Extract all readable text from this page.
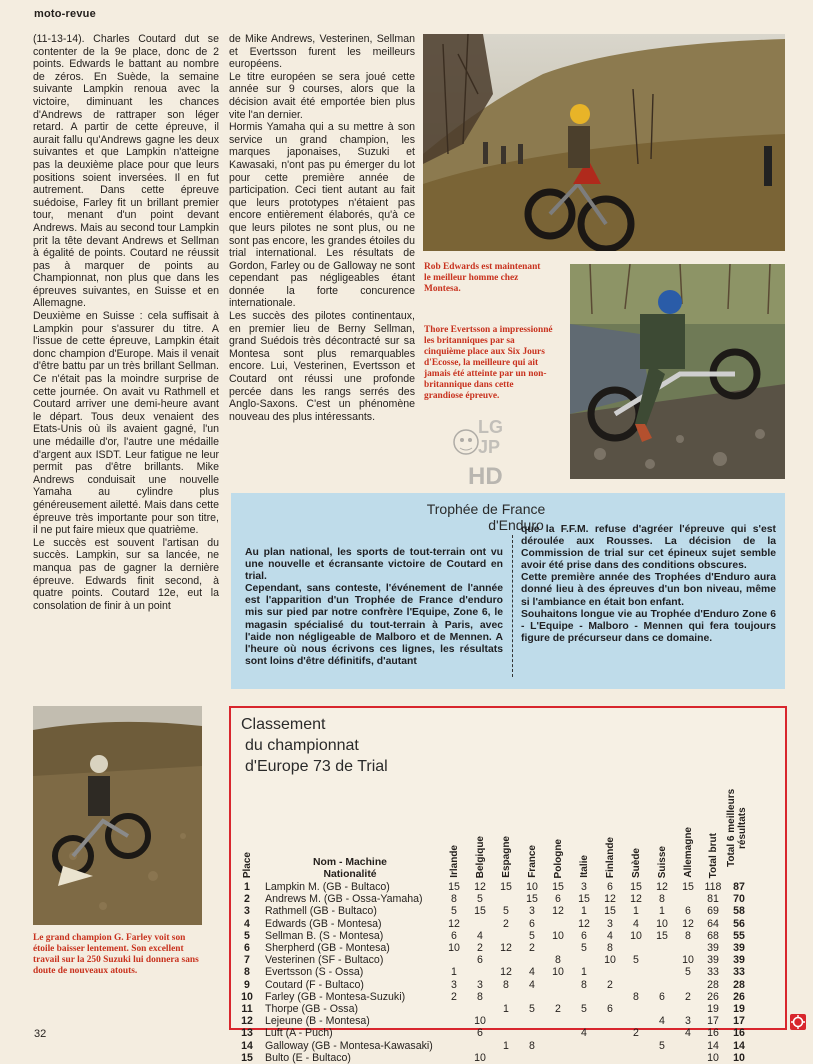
moto-revue

(11-13-14). Charles Coutard dut se contenter de la 9e place, donc de 2 points. Edwards le battant au nombre de zéros. En Suède, la semaine suivante Lampkin renoua avec la victoire, diminuant les chances d'Andrews de rattraper son léger retard. A partir de cette épreuve, il aurait fallu qu'Andrews gagne les deux suivantes et que Lampkin n'atteigne pas la deuxième place pour que leurs positions soient inversées. Il en fut autrement. Dans cette épreuve suédoise, Farley fit un brillant premier tour, menant d'un point devant Andrews. Mais au second tour Lampkin prit la tête devant Andrews et Sellman à égalité de points. Coutard ne réussit pas à marquer de points au Championnat, non plus que dans les épreuves suivantes, en Suisse et en Allemagne.

Deuxième en Suisse : cela suffisait à Lampkin pour s'assurer du titre. A l'issue de cette épreuve, Lampkin était donc champion d'Europe. Mais il venait d'être battu par un très brillant Sellman. Ce n'était pas la moindre surprise de cette journée. On avait vu Rathmell et Coutard arriver une demi-heure avant le départ. Tous deux venaient des Etats-Unis où ils avaient gagné, l'un une médaille d'or, l'autre une médaille d'argent aux ISDT. Leur fatigue ne leur permit pas d'être brillants. Mike Andrews conduisait une nouvelle Yamaha au cylindre plus généreusement ailetté. Mais dans cette épreuve très importante pour son titre, il ne put faire mieux que quatrième.

Le succès est souvent l'artisan du succès. Lampkin, sur sa lancée, ne manqua pas de gagner la dernière épreuve. Edwards finit second, à quatre points. Coutard 12e, eut la consolation de finir à un point

de Mike Andrews, Vesterinen, Sellman et Evertsson furent les meilleurs européens.

Le titre européen se sera joué cette année sur 9 courses, alors que la décision avait été emportée bien plus vite l'an dernier.

Hormis Yamaha qui a su mettre à son service un grand champion, les marques japonaises, Suzuki et Kawasaki, n'ont pas pu émerger du lot pour cette première année de participation. Ceci tient autant au fait que leurs prototypes n'étaient pas encore entièrement élaborés, qu'à ce que leurs pilotes ne sont plus, ou ne sont pas encore, les grandes étoiles du trial international. Les résultats de Gordon, Farley ou de Galloway ne sont cependant pas négligeables étant donnée la forte concurence internationale.

Les succès des pilotes continentaux, en premier lieu de Berny Sellman, grand Suédois très décontracté sur sa Montesa sont plus remarquables encore. Lui, Vesterinen, Evertsson et Coutard ont réussi une profonde percée dans les rangs serrés des Anglo-Saxons. C'est un phénomène nouveau des plus intéressants.

Rob Edwards est maintenant le meilleur homme chez Montesa.
Thore Evertsson a impressionné les britanniques par sa cinquième place aux Six Jours d'Ecosse, la meilleure qui ait jamais été atteinte par un non-britannique dans cette grandiose épreuve.
LG
JP
HD
Trophée de France
d'Enduro
Au plan national, les sports de tout-terrain ont vu une nouvelle et écransante victoire de Coutard en trial.
Cependant, sans conteste, l'événement de l'année est l'apparition d'un Trophée de France d'enduro mis sur pied par notre confrère l'Equipe, Zone 6, le magasin spécialisé du tout-terrain à Paris, avec l'aide non négligeable de Malboro et de Mennen. A l'heure où nous écrivons ces lignes, les résultats sont loins d'être définitifs, d'autant
que la F.F.M. refuse d'agréer l'épreuve qui s'est déroulée aux Rousses. La décision de la Commission de trial sur cet épineux sujet semble avoir été prise dans des conditions obscures.
Cette première année des Trophées d'Enduro aura donné lieu à des épreuves d'un bon niveau, même si l'ambiance en était bon enfant.
Souhaitons longue vie au Trophée d'Enduro Zone 6 - L'Equipe - Malboro - Mennen qui fera toujours figure de précurseur dans ce domaine.
Le grand champion G. Farley voit son étoile baisser lentement. Son excellent travail sur la 250 Suzuki lui donnera sans doute de nouveaux atouts.
Classement
du championnat
d'Europe 73 de Trial
Place	Nom - Machine
Nationalité	Irlande	Belgique	Espagne	France	Pologne	Italie	Finlande	Suède	Suisse	Allemagne	Total brut	Total 6 meilleurs résultats
1	Lampkin M. (GB - Bultaco)	15	12	15	10	15	3	6	15	12	15	118	87
2	Andrews M. (GB - Ossa-Yamaha)	8	5		15	6	15	12	12	8		81	70
3	Rathmell (GB - Bultaco)	5	15	5	3	12	1	15	1	1	6	69	58
4	Edwards (GB - Montesa)	12		2	6		12	3	4	10	12	64	56
5	Sellman B. (S - Montesa)	6	4		5	10	6	4	10	15	8	68	55
6	Sherpherd (GB - Montesa)	10	2	12	2		5	8				39	39
7	Vesterinen (SF - Bultaco)		6			8		10	5		10	39	39
8	Evertsson (S - Ossa)	1		12	4	10	1				5	33	33
9	Coutard (F - Bultaco)	3	3	8	4		8	2				28	28
10	Farley (GB - Montesa-Suzuki)	2	8						8	6	2	26	26
11	Thorpe (GB - Ossa)			1	5	2	5	6				19	19
12	Lejeune (B - Montesa)		10							4	3	17	17
13	Luft (A - Puch)		6				4		2		4	16	16
14	Galloway (GB - Montesa-Kawasaki)			1	8					5		14	14
15	Bulto (E - Bultaco)		10									10	10
32
